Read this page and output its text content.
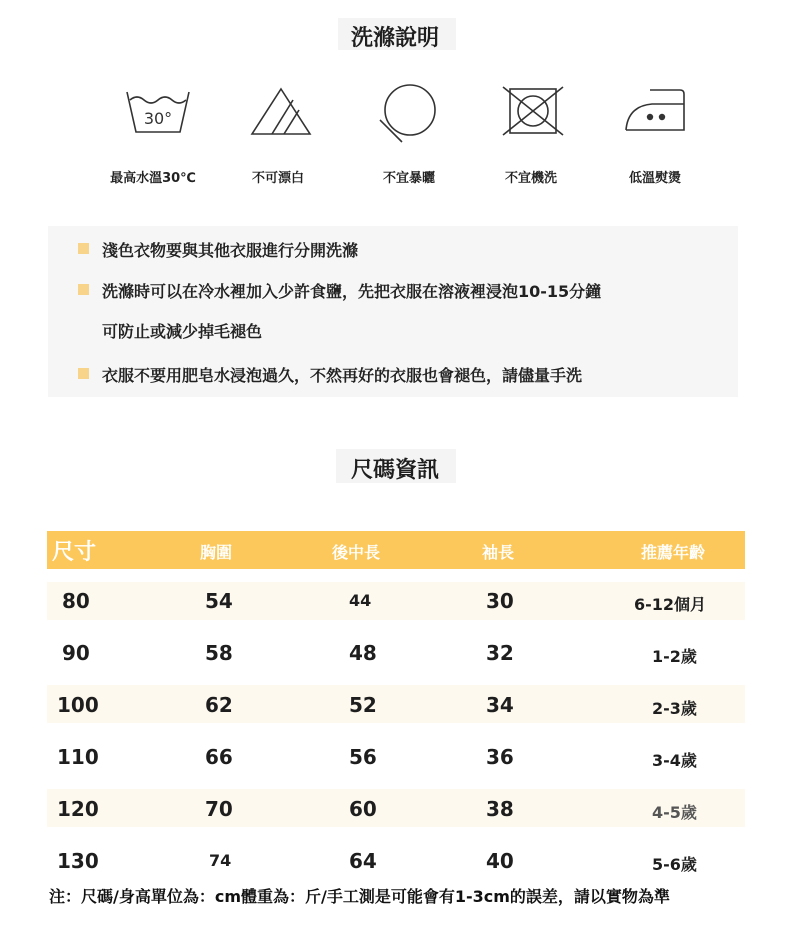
洗滌說明
30°
最高水溫30℃	不可漂白	不宜暴曬	不宜機洗	低溫熨燙
淺色衣物要與其他衣服進行分開洗滌
洗滌時可以在冷水裡加入少許食鹽，先把衣服在溶液裡浸泡10-15分鐘
可防止或減少掉毛褪色
衣服不要用肥皂水浸泡過久，不然再好的衣服也會褪色，請儘量手洗
尺碼資訊
尺寸	胸圍	後中長	袖長	推薦年齡
80	54	44	30	6-12個月
90	58	48	32	1-2歲
100	62	52	34	2-3歲
110	66	56	36	3-4歲
120	70	60	38	4-5歲
130	74	64	40	5-6歲
注：尺碼/身高單位為：cm體重為：斤/手工測是可能會有1-3cm的誤差，請以實物為準
